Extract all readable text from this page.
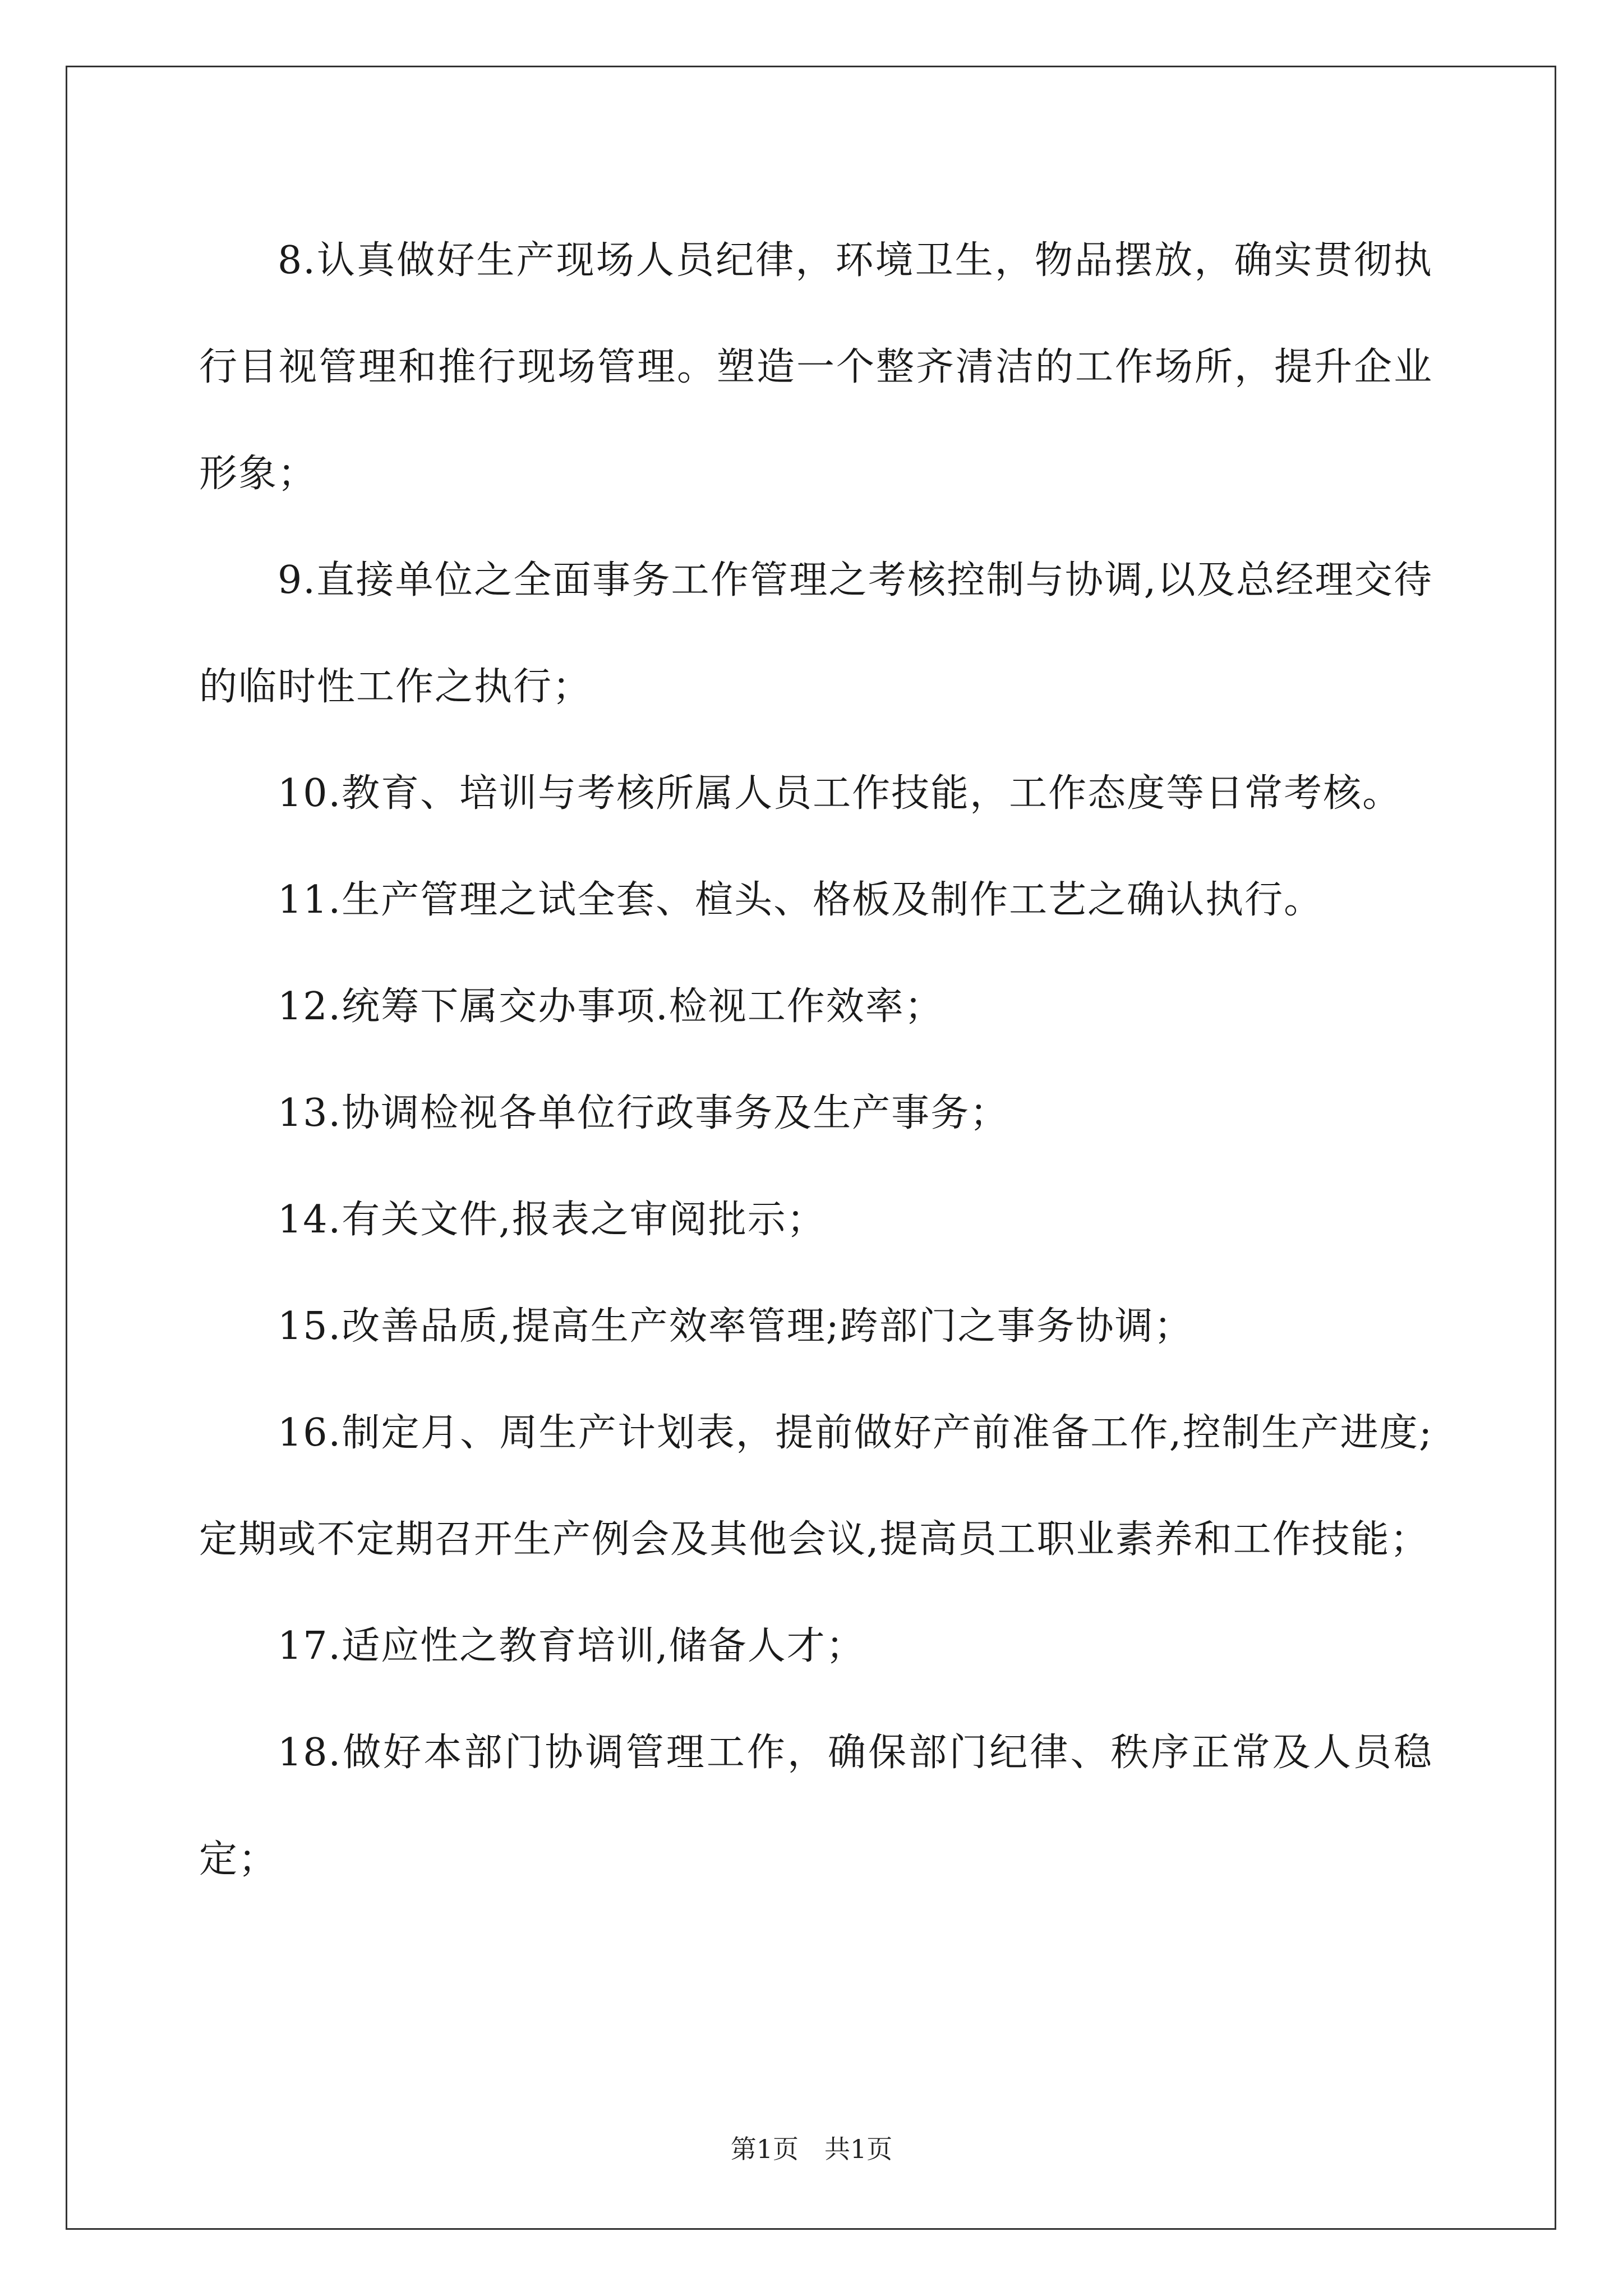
8.认真做好生产现场人员纪律，环境卫生，物品摆放，确实贯彻执行目视管理和推行现场管理。塑造一个整齐清洁的工作场所，提升企业形象；

9.直接单位之全面事务工作管理之考核控制与协调,以及总经理交待的临时性工作之执行；

10.教育、培训与考核所属人员工作技能，工作态度等日常考核。

11.生产管理之试全套、楦头、格板及制作工艺之确认执行。

12.统筹下属交办事项.检视工作效率；

13.协调检视各单位行政事务及生产事务；

14.有关文件,报表之审阅批示；

15.改善品质,提高生产效率管理;跨部门之事务协调；

16.制定月、周生产计划表，提前做好产前准备工作,控制生产进度;定期或不定期召开生产例会及其他会议,提高员工职业素养和工作技能；

17.适应性之教育培训,储备人才；

18.做好本部门协调管理工作，确保部门纪律、秩序正常及人员稳定；

第1页　共1页
